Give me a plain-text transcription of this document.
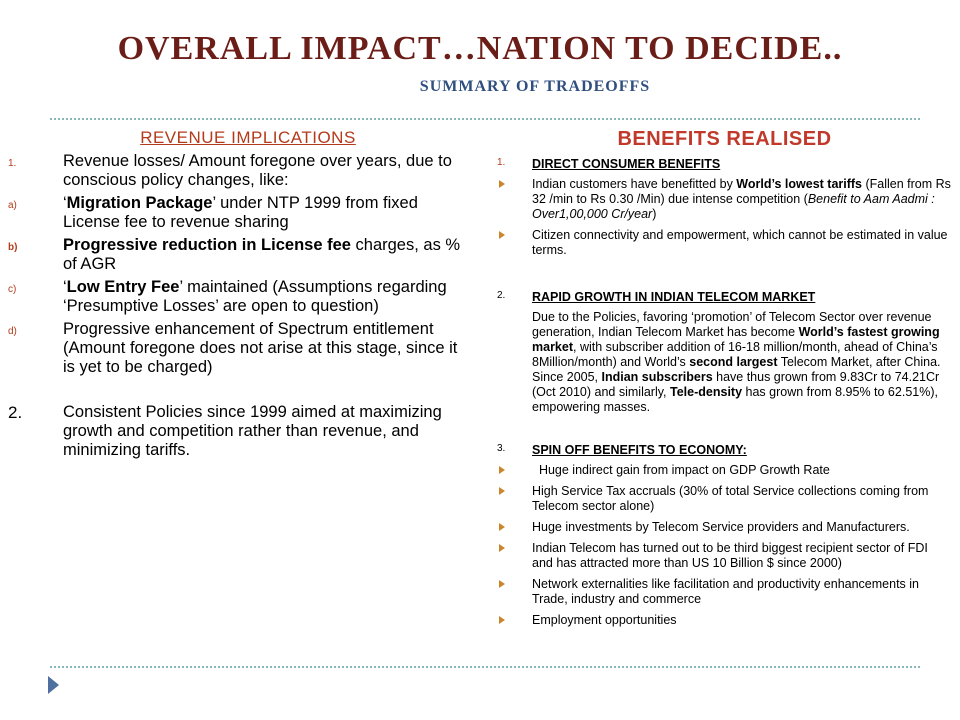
OVERALL IMPACT…NATION TO DECIDE..
SUMMARY OF TRADEOFFS
REVENUE IMPLICATIONS
1.	Revenue losses/ Amount foregone over years, due to conscious policy changes, like:
a)	‘Migration Package’ under NTP 1999 from fixed License fee to revenue sharing
b)	Progressive reduction in License fee charges, as % of AGR
c)	‘Low Entry Fee’ maintained (Assumptions regarding ‘Presumptive Losses’ are open to question)
d)	Progressive enhancement of Spectrum entitlement (Amount foregone does not arise at this stage, since it is yet to be charged)
2. Consistent Policies since 1999 aimed at maximizing growth and competition rather than revenue, and minimizing tariffs.
BENEFITS REALISED
1. DIRECT CONSUMER BENEFITS
Indian customers have benefitted by World’s lowest tariffs (Fallen from Rs 32 /min to Rs 0.30 /Min) due intense competition (Benefit to Aam Aadmi : Over1,00,000 Cr/year)
Citizen connectivity and empowerment, which cannot be estimated in value terms.
2. RAPID GROWTH IN INDIAN TELECOM MARKET
Due to the Policies, favoring ‘promotion’ of Telecom Sector over revenue generation, Indian Telecom Market has become World’s fastest growing market, with subscriber addition of 16-18 million/month, ahead of China’s 8Million/month) and World’s second largest Telecom Market, after China. Since 2005, Indian subscribers have thus grown from 9.83Cr to 74.21Cr (Oct 2010) and similarly, Tele-density has grown from 8.95% to 62.51%), empowering masses.
3. SPIN OFF BENEFITS TO ECONOMY:
Huge indirect gain from impact on GDP Growth Rate
High Service Tax accruals (30% of total Service collections coming from Telecom sector alone)
Huge investments by Telecom Service providers and Manufacturers.
Indian Telecom has turned out to be third biggest recipient sector of FDI and has attracted more than US 10 Billion $ since 2000)
Network externalities like facilitation and productivity enhancements in Trade, industry and commerce
Employment opportunities
